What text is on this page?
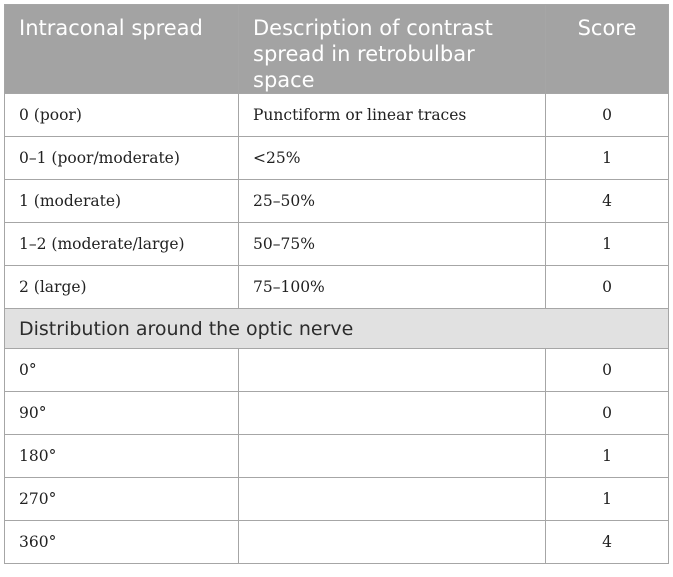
Intraconal spread	Description of contrast spread in retrobulbar space	Score
0 (poor)	Punctiform or linear traces	0
0–1 (poor/moderate)	<25%	1
1 (moderate)	25–50%	4
1–2 (moderate/large)	50–75%	1
2 (large)	75–100%	0
Distribution around the optic nerve		
0°		0
90°		0
180°		1
270°		1
360°		4
